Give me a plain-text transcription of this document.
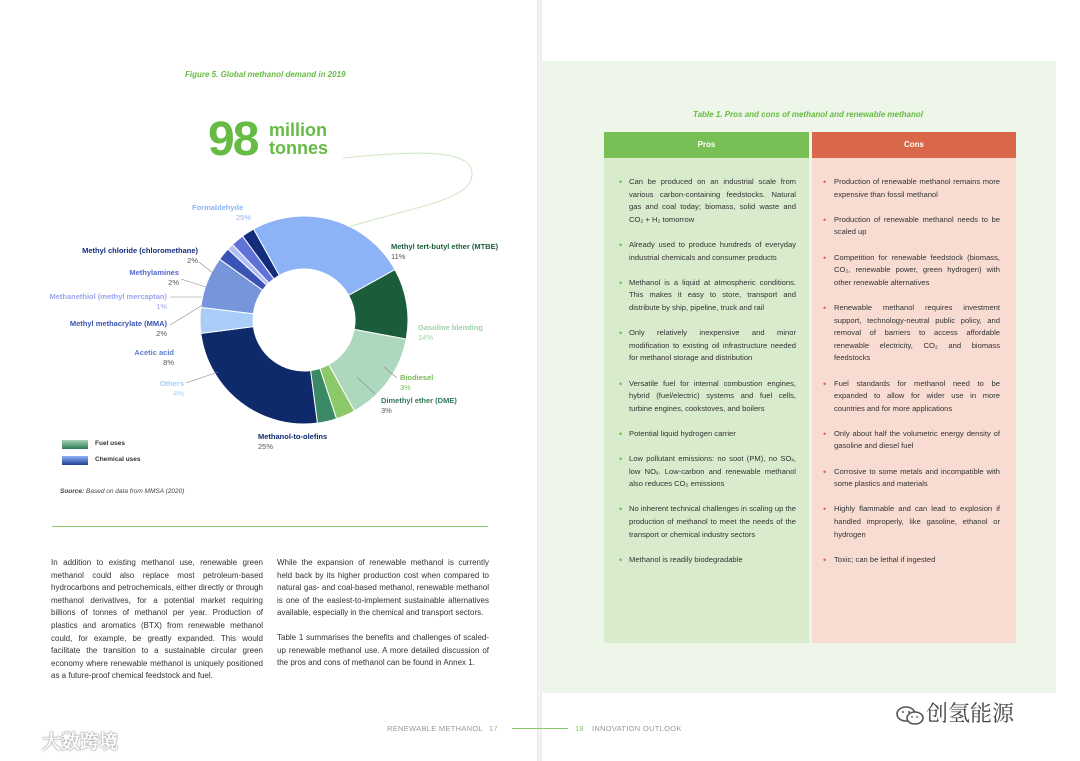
Figure 5. Global methanol demand in 2019
98 million
tonnes
Formaldehyde
25%
Methyl tert-butyl ether (MTBE)
11%
Gasoline blending
14%
Biodiesel
3%
Dimethyl ether (DME)
3%
Methanol-to-olefins
25%
Others
4%
Acetic acid
8%
Methyl methacrylate (MMA)
2%
Methanethiol (methyl mercaptan)
1%
Methylamines
2%
Methyl chloride (chloromethane)
2%
Fuel uses
Chemical uses
Source: Based on data from MMSA (2020)

In addition to existing methanol use, renewable green methanol could also replace most petroleum-based hydrocarbons and petrochemicals, either directly or through methanol derivatives, for a potential market requiring billions of tonnes of methanol per year. Production of plastics and aromatics (BTX) from renewable methanol could, for example, be greatly expanded. This would facilitate the transition to a sustainable circular green economy where renewable methanol is uniquely positioned as a future-proof chemical feedstock and fuel.

While the expansion of renewable methanol is currently held back by its higher production cost when compared to natural gas- and coal-based methanol, renewable methanol is one of the easiest-to-implement sustainable alternatives available, especially in the chemical and transport sectors.

Table 1 summarises the benefits and challenges of scaled-up renewable methanol use. A more detailed discussion of the pros and cons of methanol can be found in Annex 1.

RENEWABLE METHANOL 17	18 INNOVATION OUTLOOK
Table 1. Pros and cons of methanol and renewable methanol
Pros
• Can be produced on an industrial scale from various carbon-containing feedstocks. Natural gas and coal today; biomass, solid waste and CO₂ + H₂ tomorrow
• Already used to produce hundreds of everyday industrial chemicals and consumer products
• Methanol is a liquid at atmospheric conditions. This makes it easy to store, transport and distribute by ship, pipeline, truck and rail
• Only relatively inexpensive and minor modification to existing oil infrastructure needed for methanol storage and distribution
• Versatile fuel for internal combustion engines, hybrid (fuel/electric) systems and fuel cells, turbine engines, cookstoves, and boilers
• Potential liquid hydrogen carrier
• Low pollutant emissions: no soot (PM), no SOₓ, low NOₓ. Low-carbon and renewable methanol also reduces CO₂ emissions
• No inherent technical challenges in scaling up the production of methanol to meet the needs of the transport or chemical industry sectors
• Methanol is readily biodegradable
Cons
• Production of renewable methanol remains more expensive than fossil methanol
• Production of renewable methanol needs to be scaled up
• Competition for renewable feedstock (biomass, CO₂, renewable power, green hydrogen) with other renewable alternatives
• Renewable methanol requires investment support, technology-neutral public policy, and removal of barriers to access affordable renewable electricity, CO₂ and biomass feedstocks
• Fuel standards for methanol need to be expanded to allow for wider use in more countries and for more applications
• Only about half the volumetric energy density of gasoline and diesel fuel
• Corrosive to some metals and incompatible with some plastics and materials
• Highly flammable and can lead to explosion if handled improperly, like gasoline, ethanol or hydrogen
• Toxic; can be lethal if ingested
大数跨境
创氢能源
